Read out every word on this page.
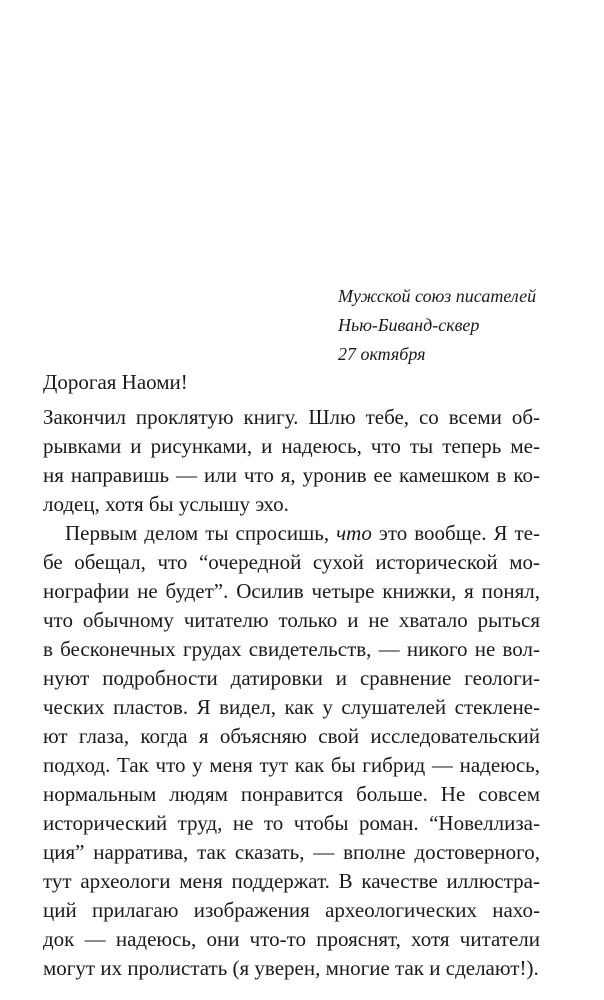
Мужской союз писателей
Нью-Биванд-сквер
27 октября
Дорогая Наоми!
Закончил проклятую книгу. Шлю тебе, со всеми об-
рывками и рисунками, и надеюсь, что ты теперь ме-
ня направишь — или что я, уронив ее камешком в ко-
лодец, хотя бы услышу эхо.
Первым делом ты спросишь, что это вообще. Я те-
бе обещал, что “очередной сухой исторической мо-
нографии не будет”. Осилив четыре книжки, я понял,
что обычному читателю только и не хватало рыться
в бесконечных грудах свидетельств, — никого не вол-
нуют подробности датировки и сравнение геологи-
ческих пластов. Я видел, как у слушателей стеклене-
ют глаза, когда я объясняю свой исследовательский
подход. Так что у меня тут как бы гибрид — надеюсь,
нормальным людям понравится больше. Не совсем
исторический труд, не то чтобы роман. “Новеллиза-
ция” нарратива, так сказать, — вполне достоверного,
тут археологи меня поддержат. В качестве иллюстра-
ций прилагаю изображения археологических нахо-
док — надеюсь, они что-то прояснят, хотя читатели
могут их пролистать (я уверен, многие так и сделают!).
